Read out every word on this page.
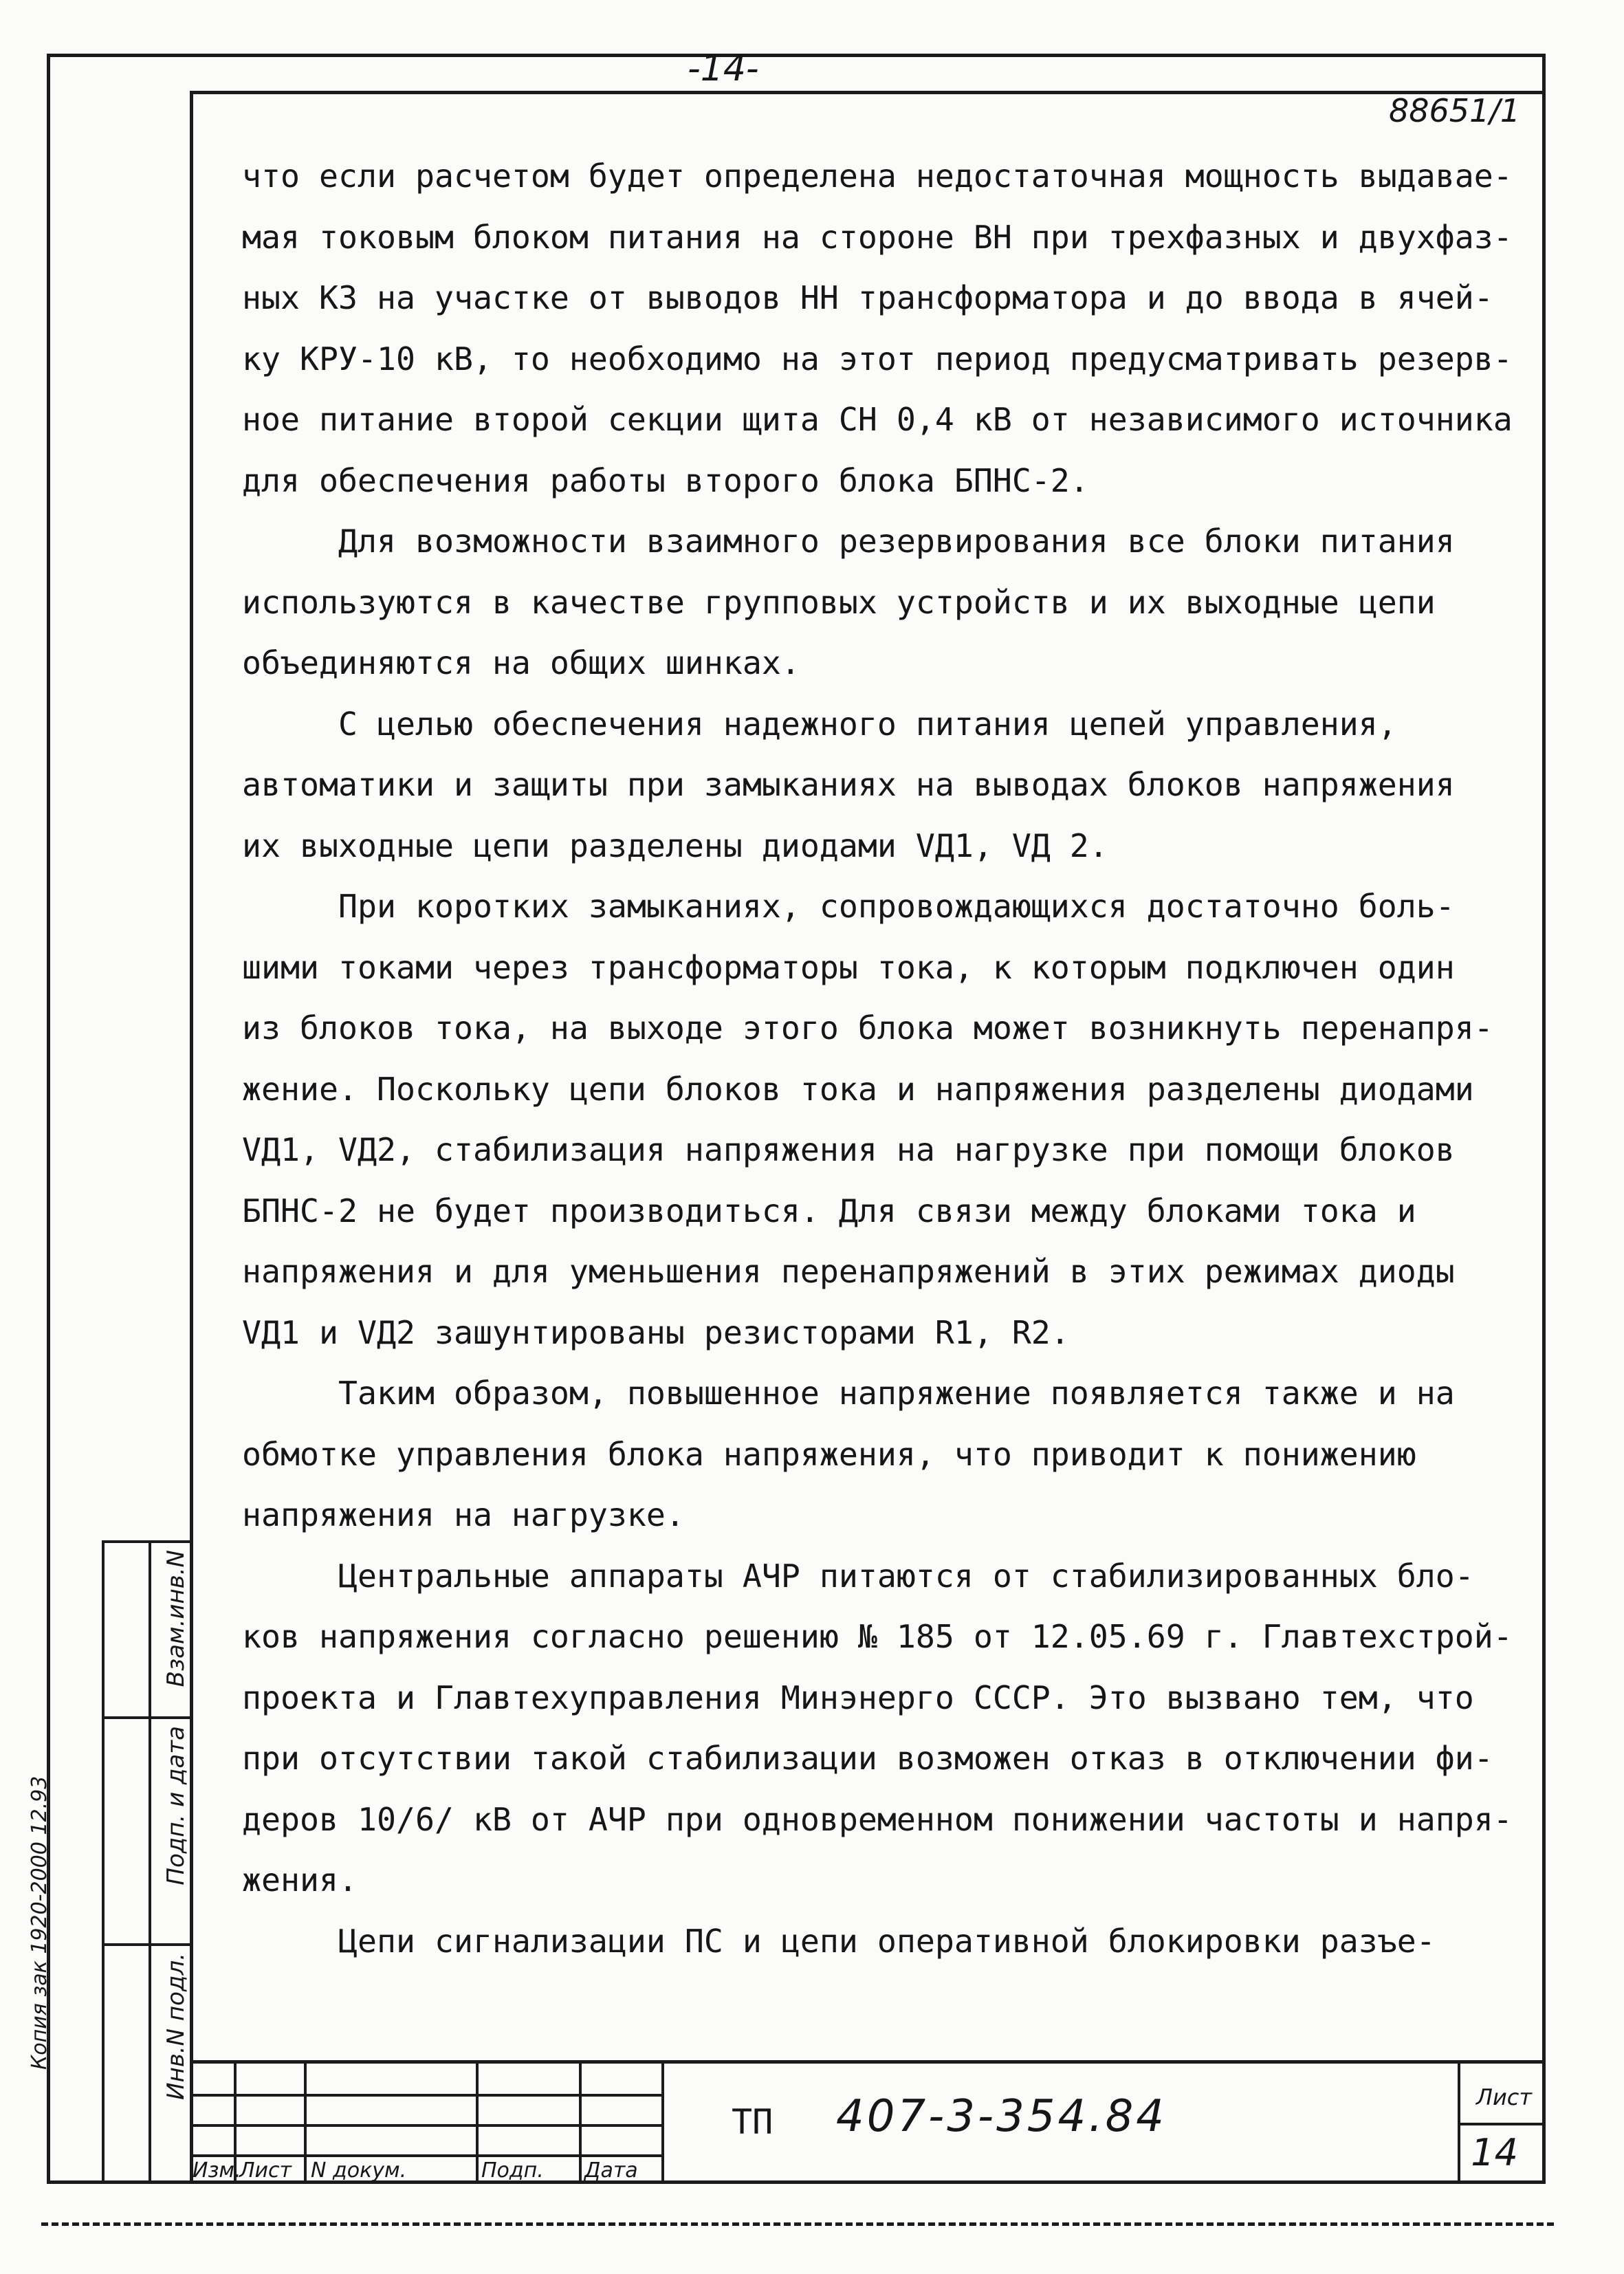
-14-
88651/1

что если расчетом будет определена недостаточная мощность выдавае-

мая токовым блоком питания на стороне ВН при трехфазных и двухфаз-

ных КЗ на участке от выводов НН трансформатора и до ввода в ячей-

ку КРУ-10 кВ, то необходимо на этот период предусматривать резерв-

ное питание второй секции щита СН 0,4 кВ от независимого источника

для обеспечения работы второго блока БПНС-2.

Для возможности взаимного резервирования все блоки питания

используются в качестве групповых устройств и их выходные цепи

объединяются на общих шинках.

С целью обеспечения надежного питания цепей управления,

автоматики и защиты при замыканиях на выводах блоков напряжения

их выходные цепи разделены диодами VД1, VД 2.

При коротких замыканиях, сопровождающихся достаточно боль-

шими токами через трансформаторы тока, к которым подключен один

из блоков тока, на выходе этого блока может возникнуть перенапря-

жение. Поскольку цепи блоков тока и напряжения разделены диодами

VД1, VД2, стабилизация напряжения на нагрузке при помощи блоков

БПНС-2 не будет производиться. Для связи между блоками тока и

напряжения и для уменьшения перенапряжений в этих режимах диоды

VД1 и VД2 зашунтированы резисторами R1, R2.

Таким образом, повышенное напряжение появляется также и на

обмотке управления блока напряжения, что приводит к понижению

напряжения на нагрузке.

Центральные аппараты АЧР питаются от стабилизированных бло-

ков напряжения согласно решению № 185 от 12.05.69 г. Главтехстрой-

проекта и Главтехуправления Минэнерго СССР. Это вызвано тем, что

при отсутствии такой стабилизации возможен отказ в отключении фи-

деров 10/6/ кВ от АЧР при одновременном понижении частоты и напря-

жения.

Цепи сигнализации ПС и цепи оперативной блокировки разъе-

Взам.инв.N
Подп. и дата
Инв.N подл.
Копия зак 1920-2000 12.93
Изм.
Лист N докум.	Подп. Дата
ТП 407-3-354.84	Лист
14
